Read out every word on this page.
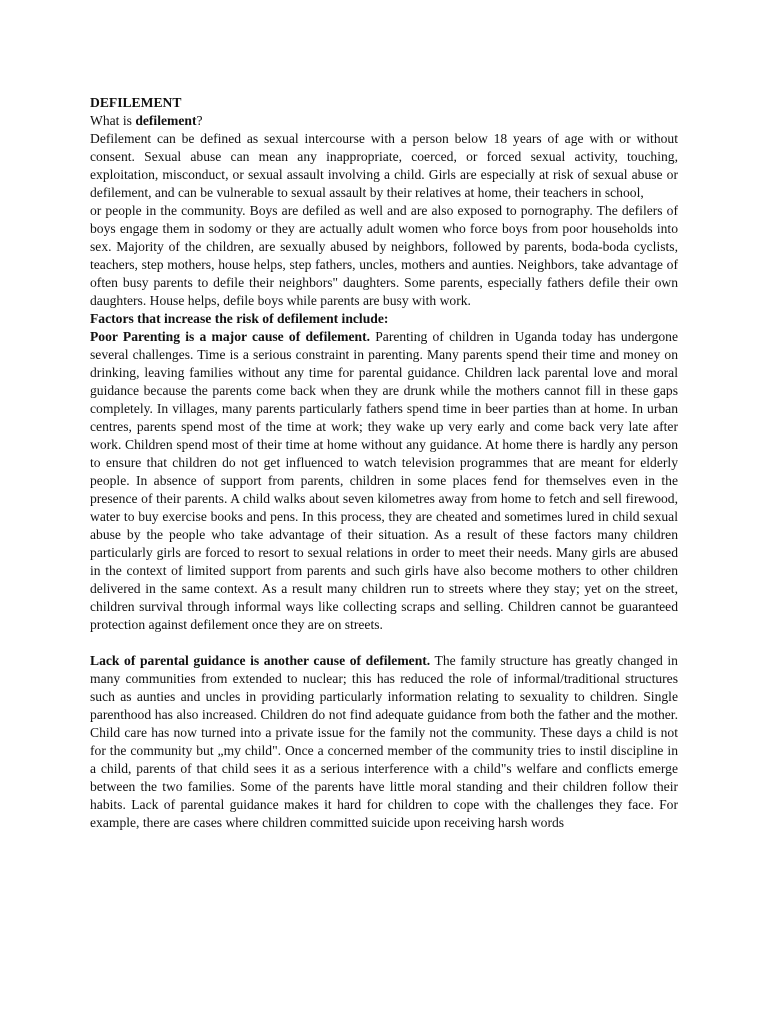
DEFILEMENT
What is defilement?

Defilement can be defined as sexual intercourse with a person below 18 years of age with or without consent. Sexual abuse can mean any inappropriate, coerced, or forced sexual activity, touching, exploitation, misconduct, or sexual assault involving a child. Girls are especially at risk of sexual abuse or defilement, and can be vulnerable to sexual assault by their relatives at home, their teachers in school,

or people in the community. Boys are defiled as well and are also exposed to pornography. The defilers of boys engage them in sodomy or they are actually adult women who force boys from poor households into sex. Majority of the children, are sexually abused by neighbors, followed by parents, boda-boda cyclists, teachers, step mothers, house helps, step fathers, uncles, mothers and aunties. Neighbors, take advantage of often busy parents to defile their neighbors" daughters. Some parents, especially fathers defile their own daughters. House helps, defile boys while parents are busy with work.

Factors that increase the risk of defilement include:

Poor Parenting is a major cause of defilement. Parenting of children in Uganda today has undergone several challenges. Time is a serious constraint in parenting. Many parents spend their time and money on drinking, leaving families without any time for parental guidance. Children lack parental love and moral guidance because the parents come back when they are drunk while the mothers cannot fill in these gaps completely. In villages, many parents particularly fathers spend time in beer parties than at home. In urban centres, parents spend most of the time at work; they wake up very early and come back very late after work. Children spend most of their time at home without any guidance. At home there is hardly any person to ensure that children do not get influenced to watch television programmes that are meant for elderly people. In absence of support from parents, children in some places fend for themselves even in the presence of their parents. A child walks about seven kilometres away from home to fetch and sell firewood, water to buy exercise books and pens. In this process, they are cheated and sometimes lured in child sexual abuse by the people who take advantage of their situation. As a result of these factors many children particularly girls are forced to resort to sexual relations in order to meet their needs. Many girls are abused in the context of limited support from parents and such girls have also become mothers to other children delivered in the same context. As a result many children run to streets where they stay; yet on the street, children survival through informal ways like collecting scraps and selling. Children cannot be guaranteed protection against defilement once they are on streets.

Lack of parental guidance is another cause of defilement. The family structure has greatly changed in many communities from extended to nuclear; this has reduced the role of informal/traditional structures such as aunties and uncles in providing particularly information relating to sexuality to children. Single parenthood has also increased. Children do not find adequate guidance from both the father and the mother. Child care has now turned into a private issue for the family not the community. These days a child is not for the community but „my child". Once a concerned member of the community tries to instil discipline in a child, parents of that child sees it as a serious interference with a child"s welfare and conflicts emerge between the two families. Some of the parents have little moral standing and their children follow their habits. Lack of parental guidance makes it hard for children to cope with the challenges they face. For example, there are cases where children committed suicide upon receiving harsh words
